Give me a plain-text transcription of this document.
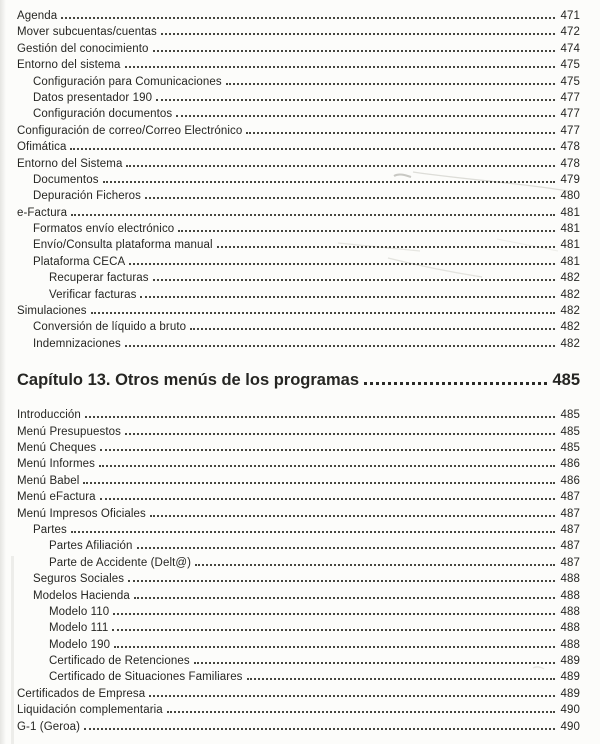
Agenda	471
Mover subcuentas/cuentas	472
Gestión del conocimiento	474
Entorno del sistema	475
Configuración para Comunicaciones	475
Datos presentador 190	477
Configuración documentos	477
Configuración de correo/Correo Electrónico	477
Ofimática	478
Entorno del Sistema	478
Documentos	479
Depuración Ficheros	480
e-Factura	481
Formatos envío electrónico	481
Envío/Consulta plataforma manual	481
Plataforma CECA	481
Recuperar facturas	482
Verificar facturas	482
Simulaciones	482
Conversión de líquido a bruto	482
Indemnizaciones	482
Capítulo 13. Otros menús de los programas	485
Introducción	485
Menú Presupuestos	485
Menú Cheques	485
Menú Informes	486
Menú Babel	486
Menú eFactura	487
Menú Impresos Oficiales	487
Partes	487
Partes Afiliación	487
Parte de Accidente (Delt@)	487
Seguros Sociales	488
Modelos Hacienda	488
Modelo 110	488
Modelo 111	488
Modelo 190	488
Certificado de Retenciones	489
Certificado de Situaciones Familiares	489
Certificados de Empresa	489
Liquidación complementaria	490
G-1 (Geroa)	490
